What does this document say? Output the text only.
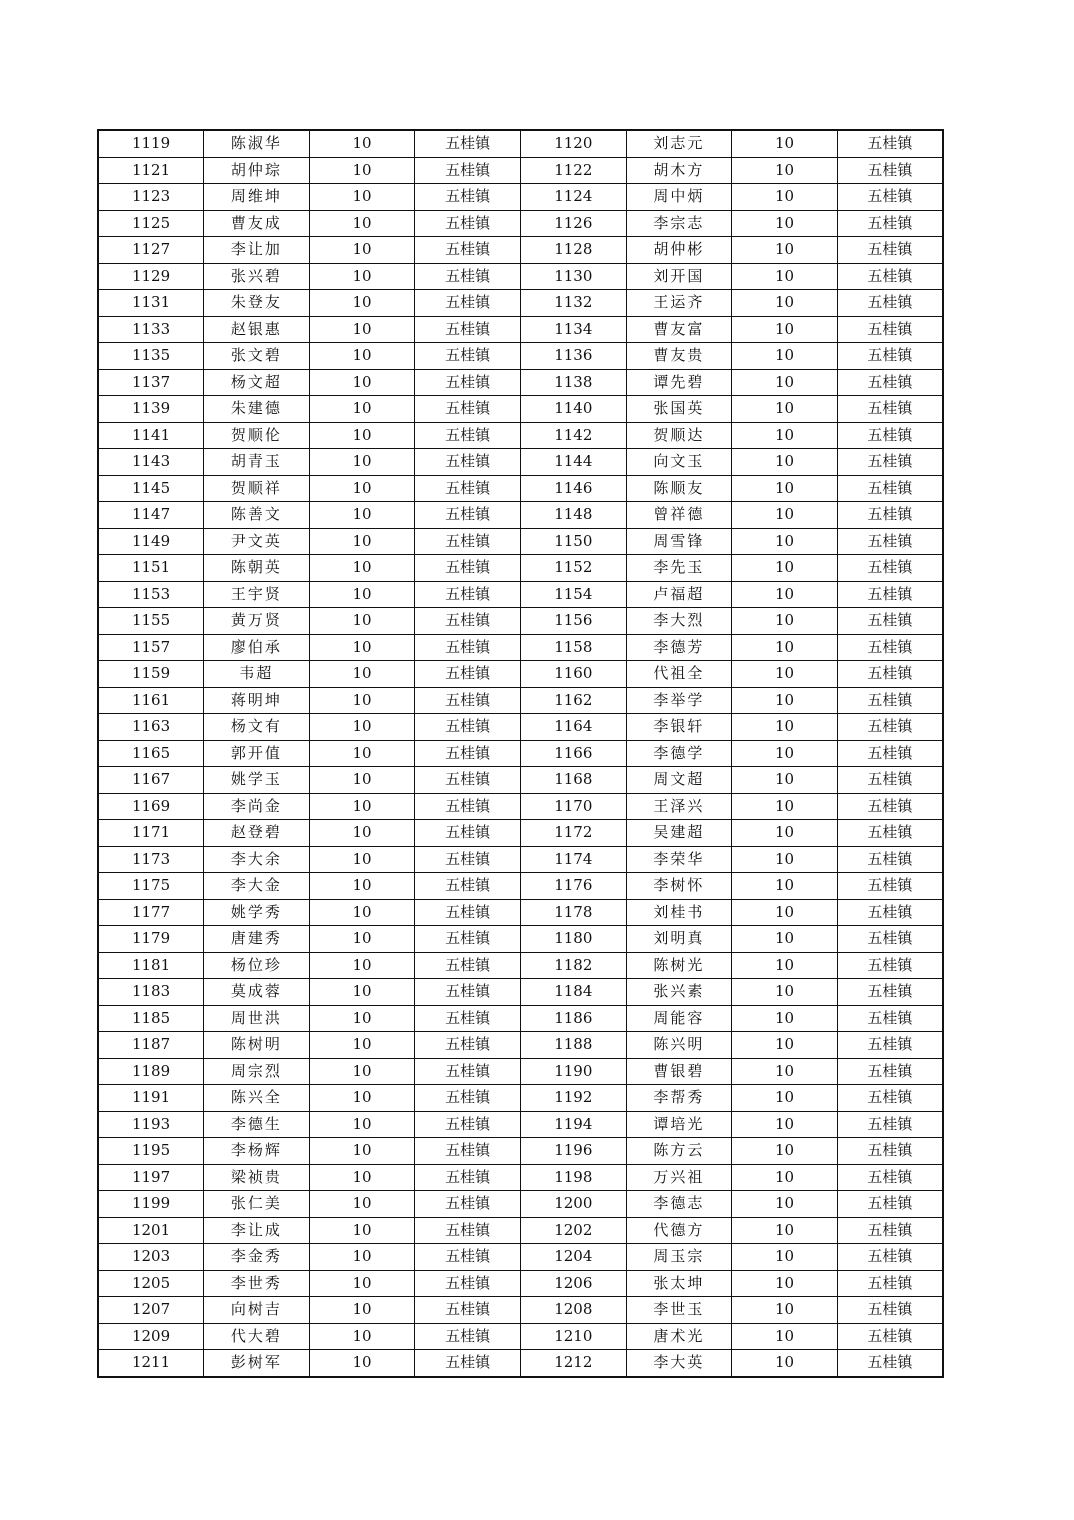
1119	陈淑华	10	五桂镇	1120	刘志元	10	五桂镇
1121	胡仲琮	10	五桂镇	1122	胡木方	10	五桂镇
1123	周维坤	10	五桂镇	1124	周中炳	10	五桂镇
1125	曹友成	10	五桂镇	1126	李宗志	10	五桂镇
1127	李让加	10	五桂镇	1128	胡仲彬	10	五桂镇
1129	张兴碧	10	五桂镇	1130	刘开国	10	五桂镇
1131	朱登友	10	五桂镇	1132	王运齐	10	五桂镇
1133	赵银惠	10	五桂镇	1134	曹友富	10	五桂镇
1135	张文碧	10	五桂镇	1136	曹友贵	10	五桂镇
1137	杨文超	10	五桂镇	1138	谭先碧	10	五桂镇
1139	朱建德	10	五桂镇	1140	张国英	10	五桂镇
1141	贺顺伦	10	五桂镇	1142	贺顺达	10	五桂镇
1143	胡青玉	10	五桂镇	1144	向文玉	10	五桂镇
1145	贺顺祥	10	五桂镇	1146	陈顺友	10	五桂镇
1147	陈善文	10	五桂镇	1148	曾祥德	10	五桂镇
1149	尹文英	10	五桂镇	1150	周雪锋	10	五桂镇
1151	陈朝英	10	五桂镇	1152	李先玉	10	五桂镇
1153	王宇贤	10	五桂镇	1154	卢福超	10	五桂镇
1155	黄万贤	10	五桂镇	1156	李大烈	10	五桂镇
1157	廖伯承	10	五桂镇	1158	李德芳	10	五桂镇
1159	韦超	10	五桂镇	1160	代祖全	10	五桂镇
1161	蒋明坤	10	五桂镇	1162	李举学	10	五桂镇
1163	杨文有	10	五桂镇	1164	李银轩	10	五桂镇
1165	郭开值	10	五桂镇	1166	李德学	10	五桂镇
1167	姚学玉	10	五桂镇	1168	周文超	10	五桂镇
1169	李尚金	10	五桂镇	1170	王泽兴	10	五桂镇
1171	赵登碧	10	五桂镇	1172	吴建超	10	五桂镇
1173	李大余	10	五桂镇	1174	李荣华	10	五桂镇
1175	李大金	10	五桂镇	1176	李树怀	10	五桂镇
1177	姚学秀	10	五桂镇	1178	刘桂书	10	五桂镇
1179	唐建秀	10	五桂镇	1180	刘明真	10	五桂镇
1181	杨位珍	10	五桂镇	1182	陈树光	10	五桂镇
1183	莫成蓉	10	五桂镇	1184	张兴素	10	五桂镇
1185	周世洪	10	五桂镇	1186	周能容	10	五桂镇
1187	陈树明	10	五桂镇	1188	陈兴明	10	五桂镇
1189	周宗烈	10	五桂镇	1190	曹银碧	10	五桂镇
1191	陈兴全	10	五桂镇	1192	李帮秀	10	五桂镇
1193	李德生	10	五桂镇	1194	谭培光	10	五桂镇
1195	李杨辉	10	五桂镇	1196	陈方云	10	五桂镇
1197	梁祯贵	10	五桂镇	1198	万兴祖	10	五桂镇
1199	张仁美	10	五桂镇	1200	李德志	10	五桂镇
1201	李让成	10	五桂镇	1202	代德方	10	五桂镇
1203	李金秀	10	五桂镇	1204	周玉宗	10	五桂镇
1205	李世秀	10	五桂镇	1206	张太坤	10	五桂镇
1207	向树吉	10	五桂镇	1208	李世玉	10	五桂镇
1209	代大碧	10	五桂镇	1210	唐术光	10	五桂镇
1211	彭树军	10	五桂镇	1212	李大英	10	五桂镇
